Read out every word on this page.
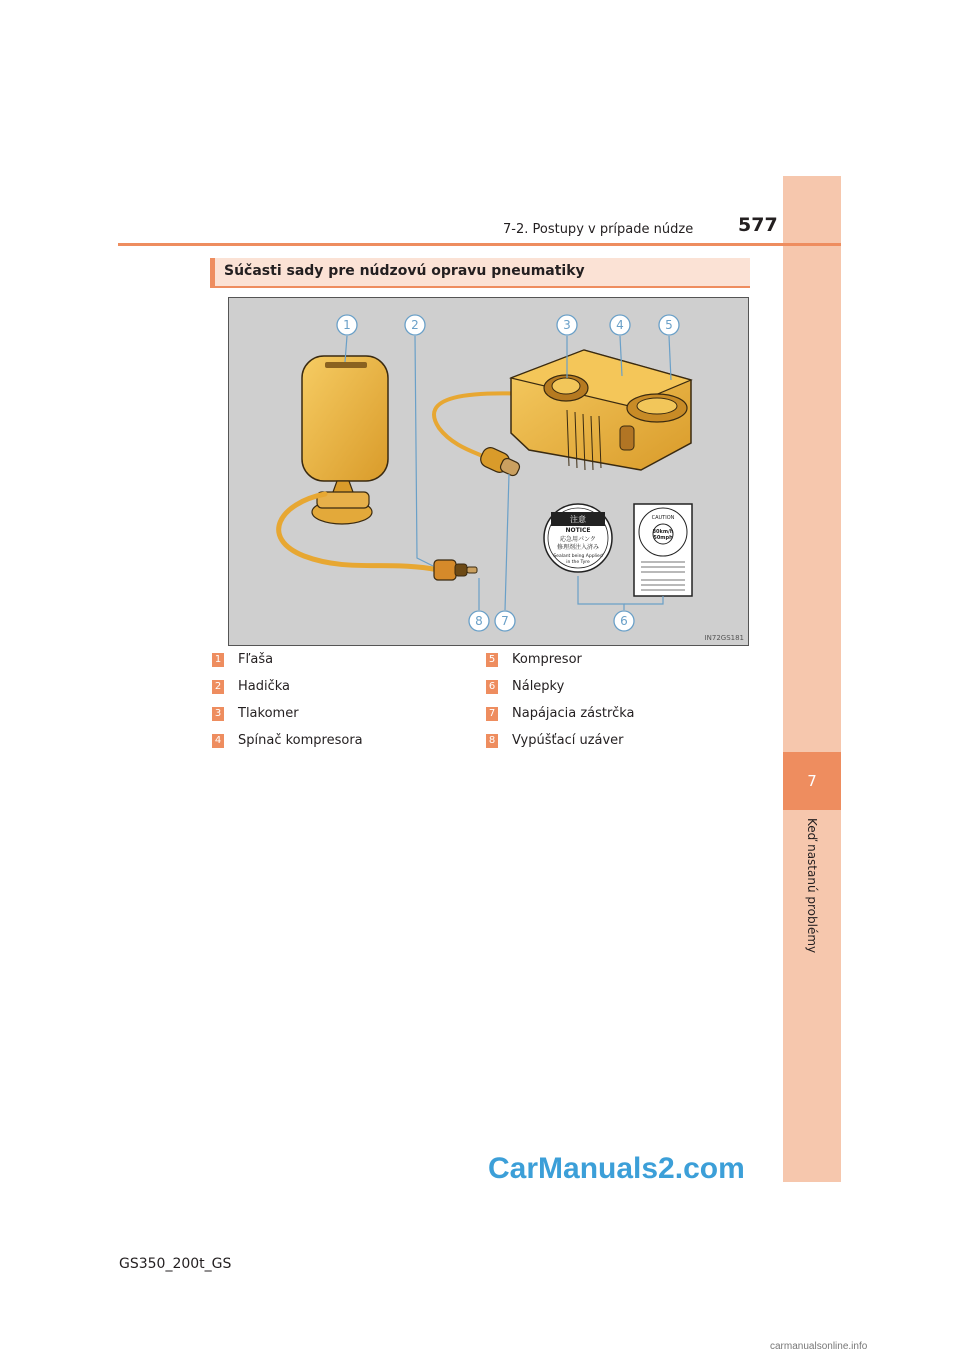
7
Keď nastanú problémy
7-2. Postupy v prípade núdze 577
Súčasti sady pre núdzovú opravu pneumatiky
注意
NOTICE
応急用パンク
修理剤注入済み
Sealant being Applied
in the Tyre
CAUTION
80km/h
50mph
1	2	3	4	5
6
7
8
IN72GS181
1 Fľaša
2 Hadička
3 Tlakomer
4 Spínač kompresora
5 Kompresor
6 Nálepky
7 Napájacia zástrčka
8 Vypúšťací uzáver
GS350_200t_GS
CarManuals2.com
carmanualsonline.info
